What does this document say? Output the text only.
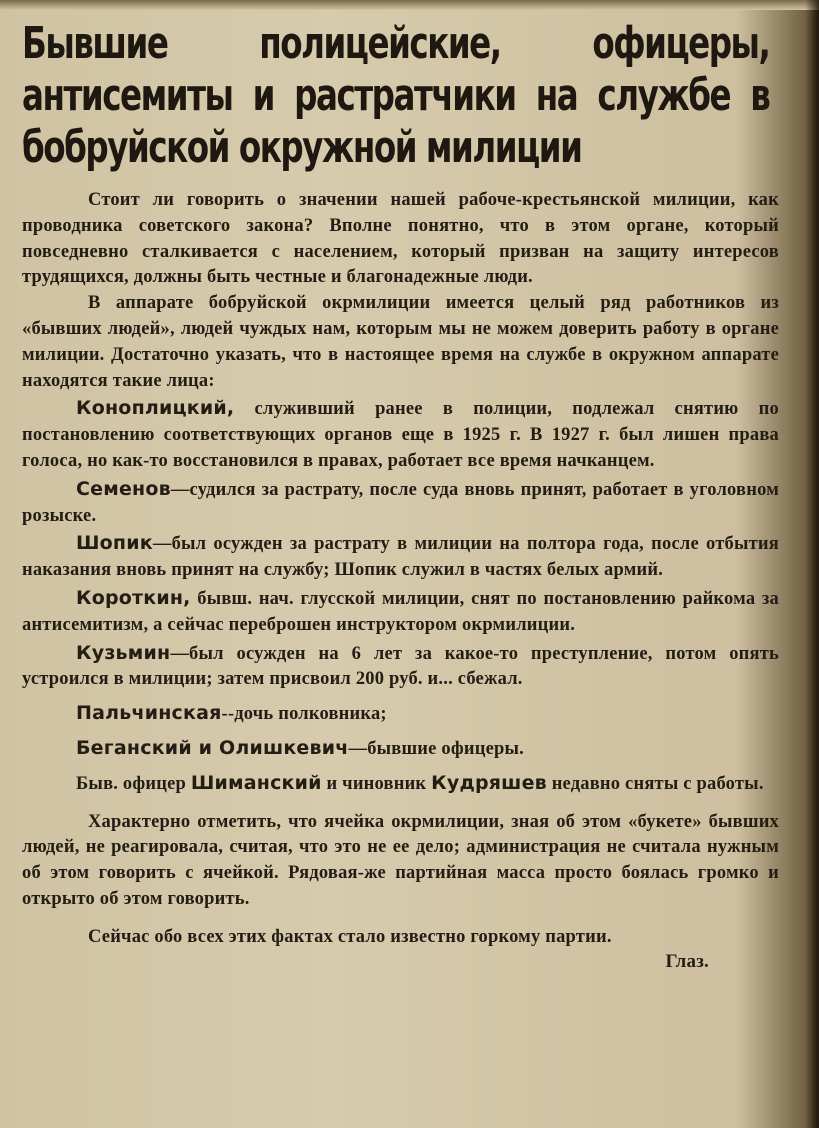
Бывшие полицейские, офицеры, антисемиты и растратчики на службе в бобруйской окружной милиции

Стоит ли говорить о значении нашей рабоче-крестьянской милиции, как проводника советского закона? Вполне понятно, что в этом органе, который повседневно сталкивается с населением, который призван на защиту интересов трудящихся, должны быть честные и благонадежные люди.

В аппарате бобруйской окрмилиции имеется целый ряд работников из «бывших людей», людей чуждых нам, которым мы не можем доверить работу в органе милиции. Достаточно указать, что в настоящее время на службе в окружном аппарате находятся такие лица:

Коноплицкий, служивший ранее в полиции, подлежал снятию по постановлению соответствующих органов еще в 1925 г. В 1927 г. был лишен права голоса, но как-то восстановился в правах, работает все время начканцем.

Семенов—судился за растрату, после суда вновь принят, работает в уголовном розыске.

Шопик—был осужден за растрату в милиции на полтора года, после отбытия наказания вновь принят на службу; Шопик служил в частях белых армий.

Короткин, бывш. нач. глусской милиции, снят по постановлению райкома за антисемитизм, а сейчас переброшен инструктором окрмилиции.

Кузьмин—был осужден на 6 лет за какое-то преступление, потом опять устроился в милиции; затем присвоил 200 руб. и... сбежал.

Пальчинская--дочь полковника;

Беганский и Олишкевич—бывшие офицеры.

Быв. офицер Шиманский и чиновник Кудряшев недавно сняты с работы.

Характерно отметить, что ячейка окрмилиции, зная об этом «букете» бывших людей, не реагировала, считая, что это не ее дело; администрация не считала нужным об этом говорить с ячейкой. Рядовая-же партийная масса просто боялась громко и открыто об этом говорить.

Сейчас обо всех этих фактах стало известно горкому партии.

Глаз.
